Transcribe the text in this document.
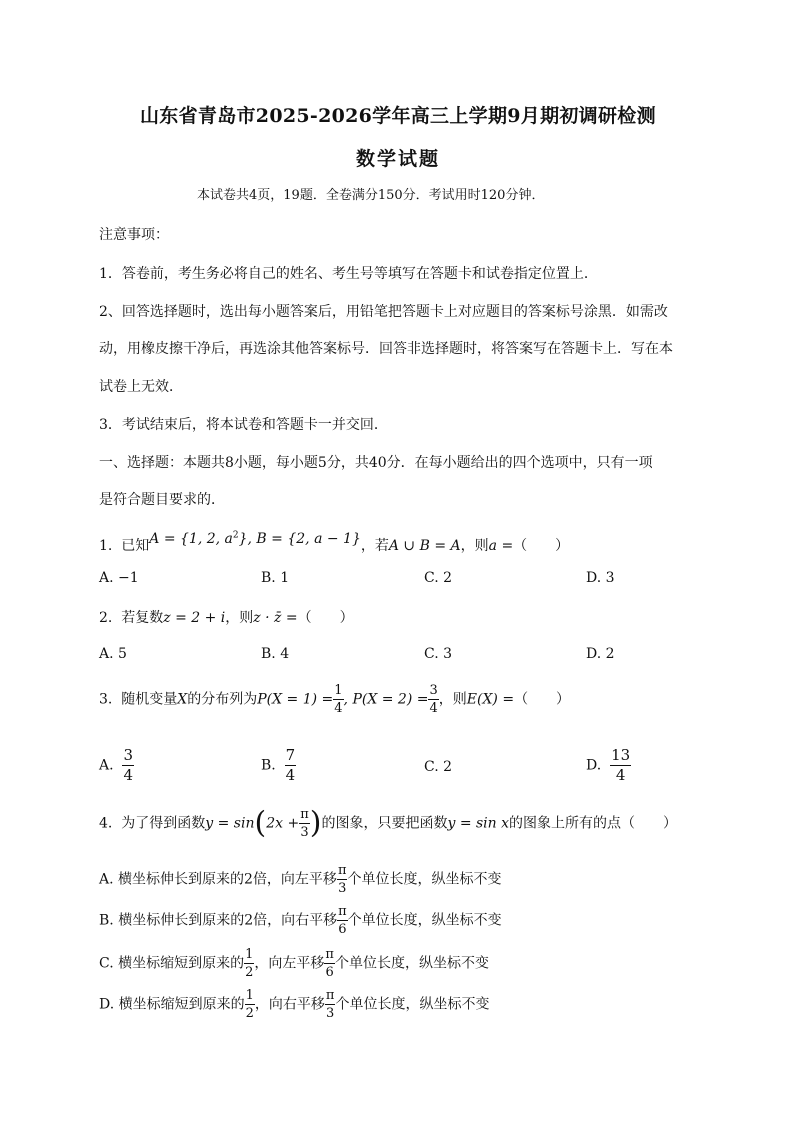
山东省青岛市2025-2026学年高三上学期9月期初调研检测
数学试题
本试卷共4页，19题．全卷满分150分．考试用时120分钟．
注意事项：
1．答卷前，考生务必将自己的姓名、考生号等填写在答题卡和试卷指定位置上．
2、回答选择题时，选出每小题答案后，用铅笔把答题卡上对应题目的答案标号涂黑．如需改
动，用橡皮擦干净后，再选涂其他答案标号．回答非选择题时，将答案写在答题卡上．写在本
试卷上无效．
3．考试结束后，将本试卷和答题卡一并交回．
一、选择题：本题共8小题，每小题5分，共40分．在每小题给出的四个选项中，只有一项
是符合题目要求的．
1. 已知A = {1, 2, $a^2$}, B = {2, a − 1}，若A ∪ B = A，则a =（　　）
A. −1	B. 1	C. 2	D. 3
2. 若复数z = 2 + i，则z · z̄ =（　　）
A. 5	B. 4	C. 3	D. 2
3. 随机变量X的分布列为$P(X = 1) = \frac{1}{4}$ , $P(X = 2) = \frac{3}{4}$ ，则E(X) =（　　）
A. $\frac{3}{4}$	B. $\frac{7}{4}$	C. 2	D. $\frac{13}{4}$
4. 为了得到函数$y = \sin(2x + \frac{\pi}{3}$ )的图象，只要把函数y = sin x的图象上所有的点（　　）
A. 横坐标伸长到原来的2倍，向左平移 $\frac{\pi}{3}$ 个单位长度，纵坐标不变
B. 横坐标伸长到原来的2倍，向右平移 $\frac{\pi}{6}$ 个单位长度，纵坐标不变
C. 横坐标缩短到原来的 $\frac{1}{2}$ ，向左平移 $\frac{\pi}{6}$ 个单位长度，纵坐标不变
D. 横坐标缩短到原来的 $\frac{1}{2}$ ，向右平移 $\frac{\pi}{3}$ 个单位长度，纵坐标不变
